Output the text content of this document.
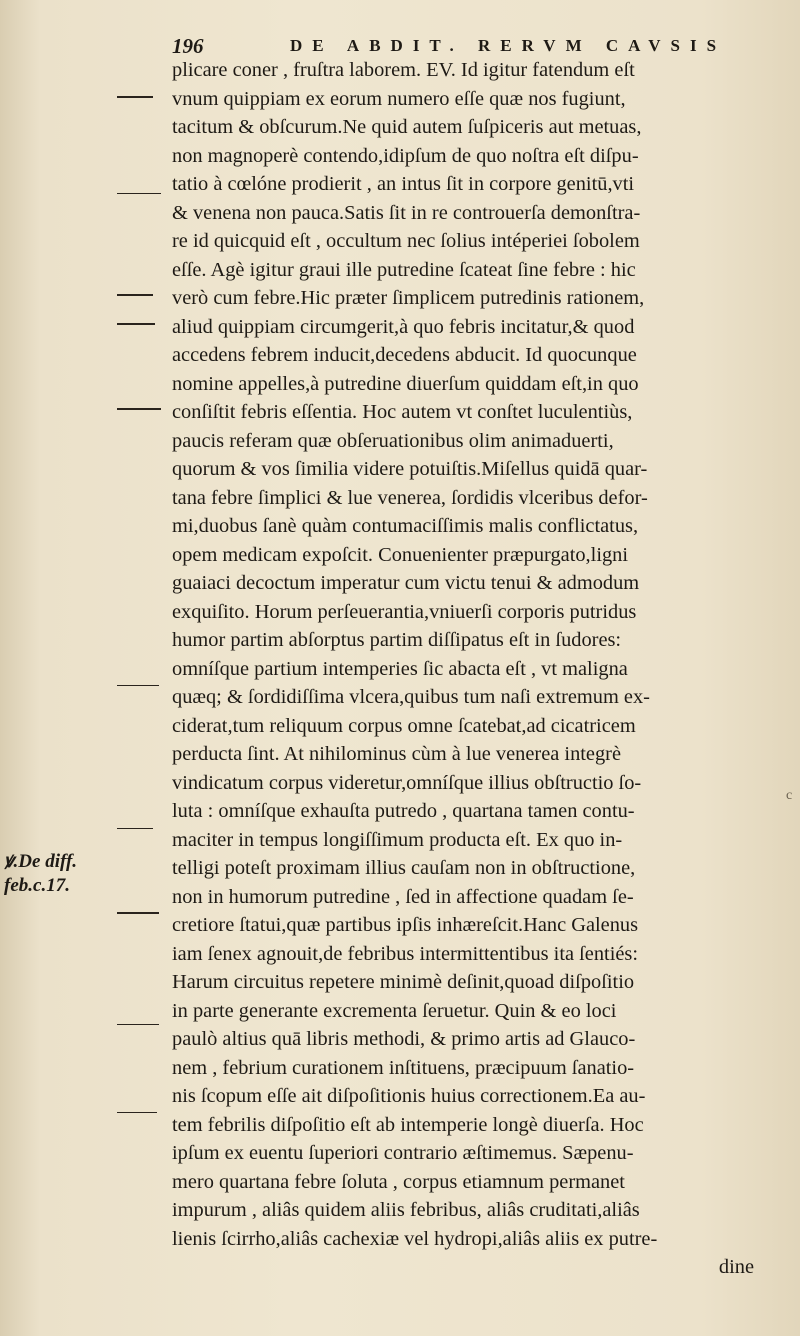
196	DE ABDIT. RERVM CAVSIS
plicare coner , fruſtra laborem. EV. Id igitur fatendum eſt
vnum quippiam ex eorum numero eſſe quæ nos fugiunt,
tacitum & obſcurum.Ne quid autem ſuſpiceris aut metuas,
non magnoperè contendo,idipſum de quo noſtra eſt diſpu-
tatio à cœlóne prodierit , an intus ſit in corpore genitū,vti
& venena non pauca.Satis ſit in re controuerſa demonſtra-
re id quicquid eſt , occultum nec ſolius intéperiei ſobolem
eſſe. Agè igitur graui ille putredine ſcateat ſine febre : hic
verò cum febre.Hic præter ſimplicem putredinis rationem,
aliud quippiam circumgerit,à quo febris incitatur,& quod
accedens febrem inducit,decedens abducit. Id quocunque
nomine appelles,à putredine diuerſum quiddam eſt,in quo
conſiſtit febris eſſentia. Hoc autem vt conſtet luculentiùs,
paucis referam quæ obſeruationibus olim animaduerti,
quorum & vos ſimilia videre potuiſtis.Miſellus quidā quar-
tana febre ſimplici & lue venerea, ſordidis vlceribus defor-
mi,duobus ſanè quàm contumaciſſimis malis conflictatus,
opem medicam expoſcit. Conuenienter præpurgato,ligni
guaiaci decoctum imperatur cum victu tenui & admodum
exquiſito. Horum perſeuerantia,vniuerſi corporis putridus
humor partim abſorptus partim diſſipatus eſt in ſudores:
omníſque partium intemperies ſic abacta eſt , vt maligna
quæq; & ſordidiſſima vlcera,quibus tum naſi extremum ex-
ciderat,tum reliquum corpus omne ſcatebat,ad cicatricem
perducta ſint. At nihilominus cùm à lue venerea integrè
vindicatum corpus videretur,omníſque illius obſtructio ſo-
luta : omníſque exhauſta putredo , quartana tamen contu-
maciter in tempus longiſſimum producta eſt. Ex quo in-
telligi poteſt proximam illius cauſam non in obſtructione,
non in humorum putredine , ſed in affectione quadam ſe-
cretiore ſtatui,quæ partibus ipſis inhæreſcit.Hanc Galenus
iam ſenex agnouit,de febribus intermittentibus ita ſentiés:
Harum circuitus repetere minimè deſinit,quoad diſpoſitio
in parte generante excrementa ſeruetur. Quin & eo loci
paulò altius quā libris methodi, & primo artis ad Glauco-
nem , febrium curationem inſtituens, præcipuum ſanatio-
nis ſcopum eſſe ait diſpoſitionis huius correctionem.Ea au-
tem febrilis diſpoſitio eſt ab intemperie longè diuerſa. Hoc
ipſum ex euentu ſuperiori contrario æſtimemus. Sæpenu-
mero quartana febre ſoluta , corpus etiamnum permanet
impurum , aliâs quidem aliis febribus, aliâs cruditati,aliâs
lienis ſcirrho,aliâs cachexiæ vel hydropi,aliâs aliis ex putre-
dine
ꝟ.De diff.
feb.c.17.
c
